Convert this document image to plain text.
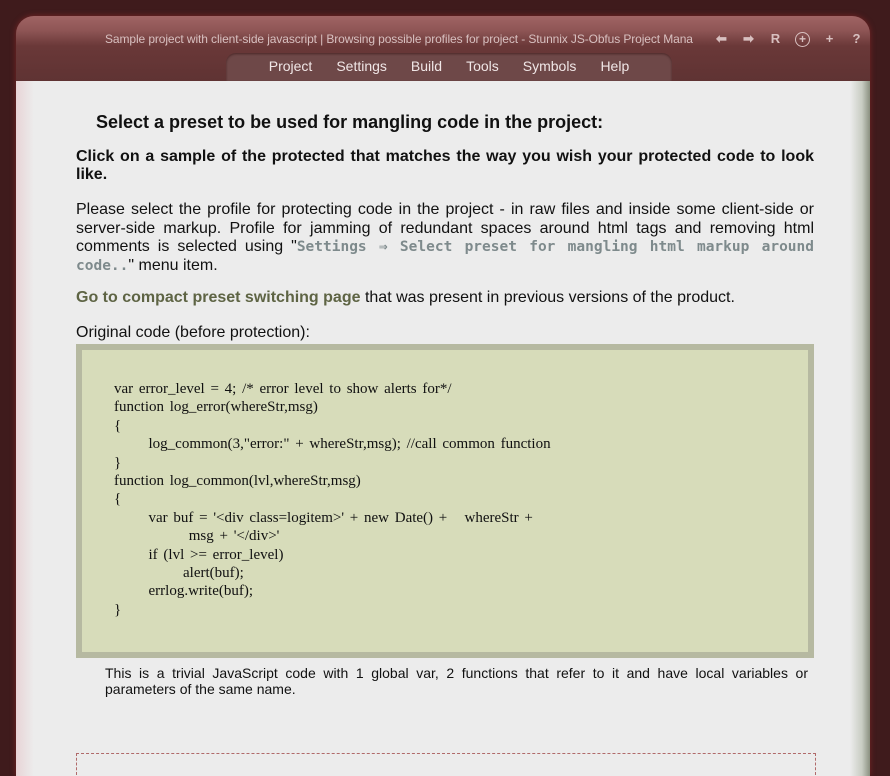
Sample project with client-side javascript | Browsing possible profiles for project - Stunnix JS-Obfus Project Mana	⬅	➡	R	+	+	?
Project	Settings	Build	Tools	Symbols	Help
Select a preset to be used for mangling code in the project:
Click on a sample of the protected that matches the way you wish your protected code to look like.
Please select the profile for protecting code in the project - in raw files and inside some client-side or server-side markup. Profile for jamming of redundant spaces around html tags and removing html comments is selected using "Settings ⇒ Select preset for mangling html markup around code.." menu item.
Go to compact preset switching page that was present in previous versions of the product.
Original code (before protection):
var error_level = 4; /* error level to show alerts for*/
function log_error(whereStr,msg)
{
log_common(3,"error:" + whereStr,msg); //call common function
}
function log_common(lvl,whereStr,msg)
{
var buf = '<div class=logitem>' + new Date() +   whereStr +
msg + '</div>'
if (lvl >= error_level)
alert(buf);
errlog.write(buf);
}
This is a trivial JavaScript code with 1 global var, 2 functions that refer to it and have local variables or parameters of the same name.
